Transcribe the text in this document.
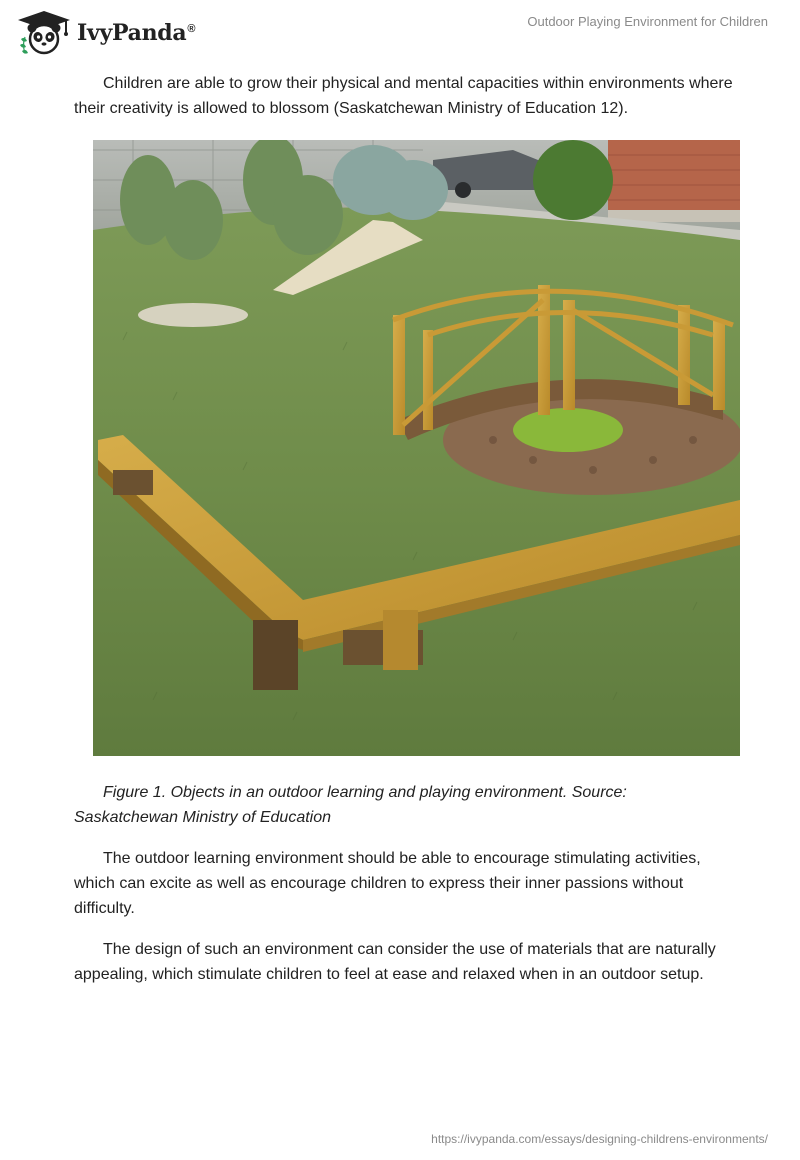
IvyPanda®	Outdoor Playing Environment for Children

Children are able to grow their physical and mental capacities within environments where their creativity is allowed to blossom (Saskatchewan Ministry of Education 12).

Figure 1. Objects in an outdoor learning and playing environment. Source: Saskatchewan Ministry of Education

The outdoor learning environment should be able to encourage stimulating activities, which can excite as well as encourage children to express their inner passions without difficulty.

The design of such an environment can consider the use of materials that are naturally appealing, which stimulate children to feel at ease and relaxed when in an outdoor setup.

https://ivypanda.com/essays/designing-childrens-environments/
